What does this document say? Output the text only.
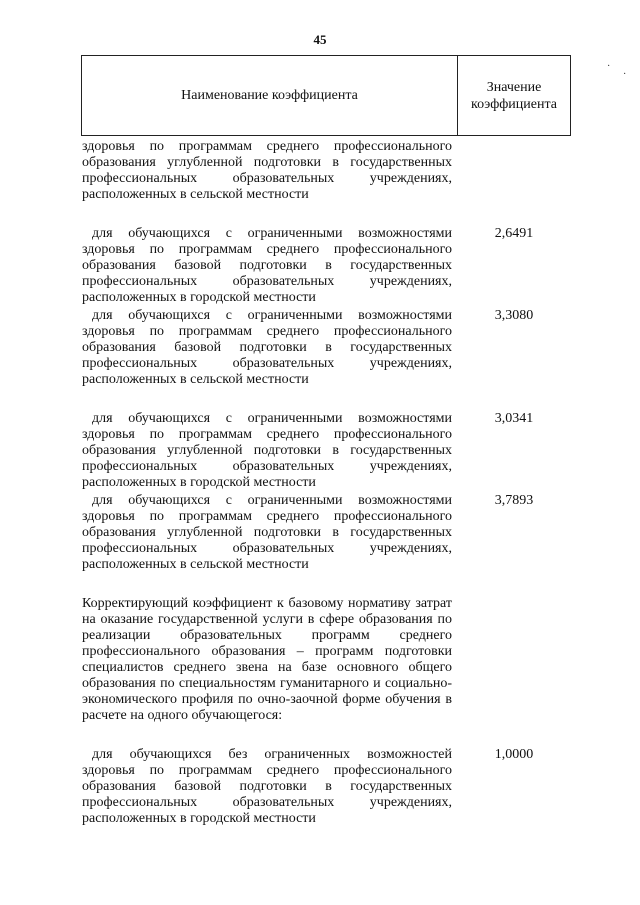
45
Наименование коэффициента
Значение
коэффициента
здоровья по программам среднего профессионального образования углубленной подготовки в государственных профессиональных образовательных учреждениях, расположенных в сельской местности
для обучающихся с ограниченными возможностями здоровья по программам среднего профессионального образования базовой подготовки в государственных профессиональных образовательных учреждениях, расположенных в городской местности
2,6491
для обучающихся с ограниченными возможностями здоровья по программам среднего профессионального образования базовой подготовки в государственных профессиональных образовательных учреждениях, расположенных в сельской местности
3,3080
для обучающихся с ограниченными возможностями здоровья по программам среднего профессионального образования углубленной подготовки в государственных профессиональных образовательных учреждениях, расположенных в городской местности
3,0341
для обучающихся с ограниченными возможностями здоровья по программам среднего профессионального образования углубленной подготовки в государственных профессиональных образовательных учреждениях, расположенных в сельской местности
3,7893
Корректирующий коэффициент к базовому нормативу затрат на оказание государственной услуги в сфере образования по реализации образовательных программ среднего профессионального образования – программ подготовки специалистов среднего звена на базе основного общего образования по специальностям гуманитарного и социально-экономического профиля по очно-заочной форме обучения в расчете на одного обучающегося:
для обучающихся без ограниченных возможностей здоровья по программам среднего профессионального образования базовой подготовки в государственных профессиональных образовательных учреждениях, расположенных в городской местности
1,0000
·
·
